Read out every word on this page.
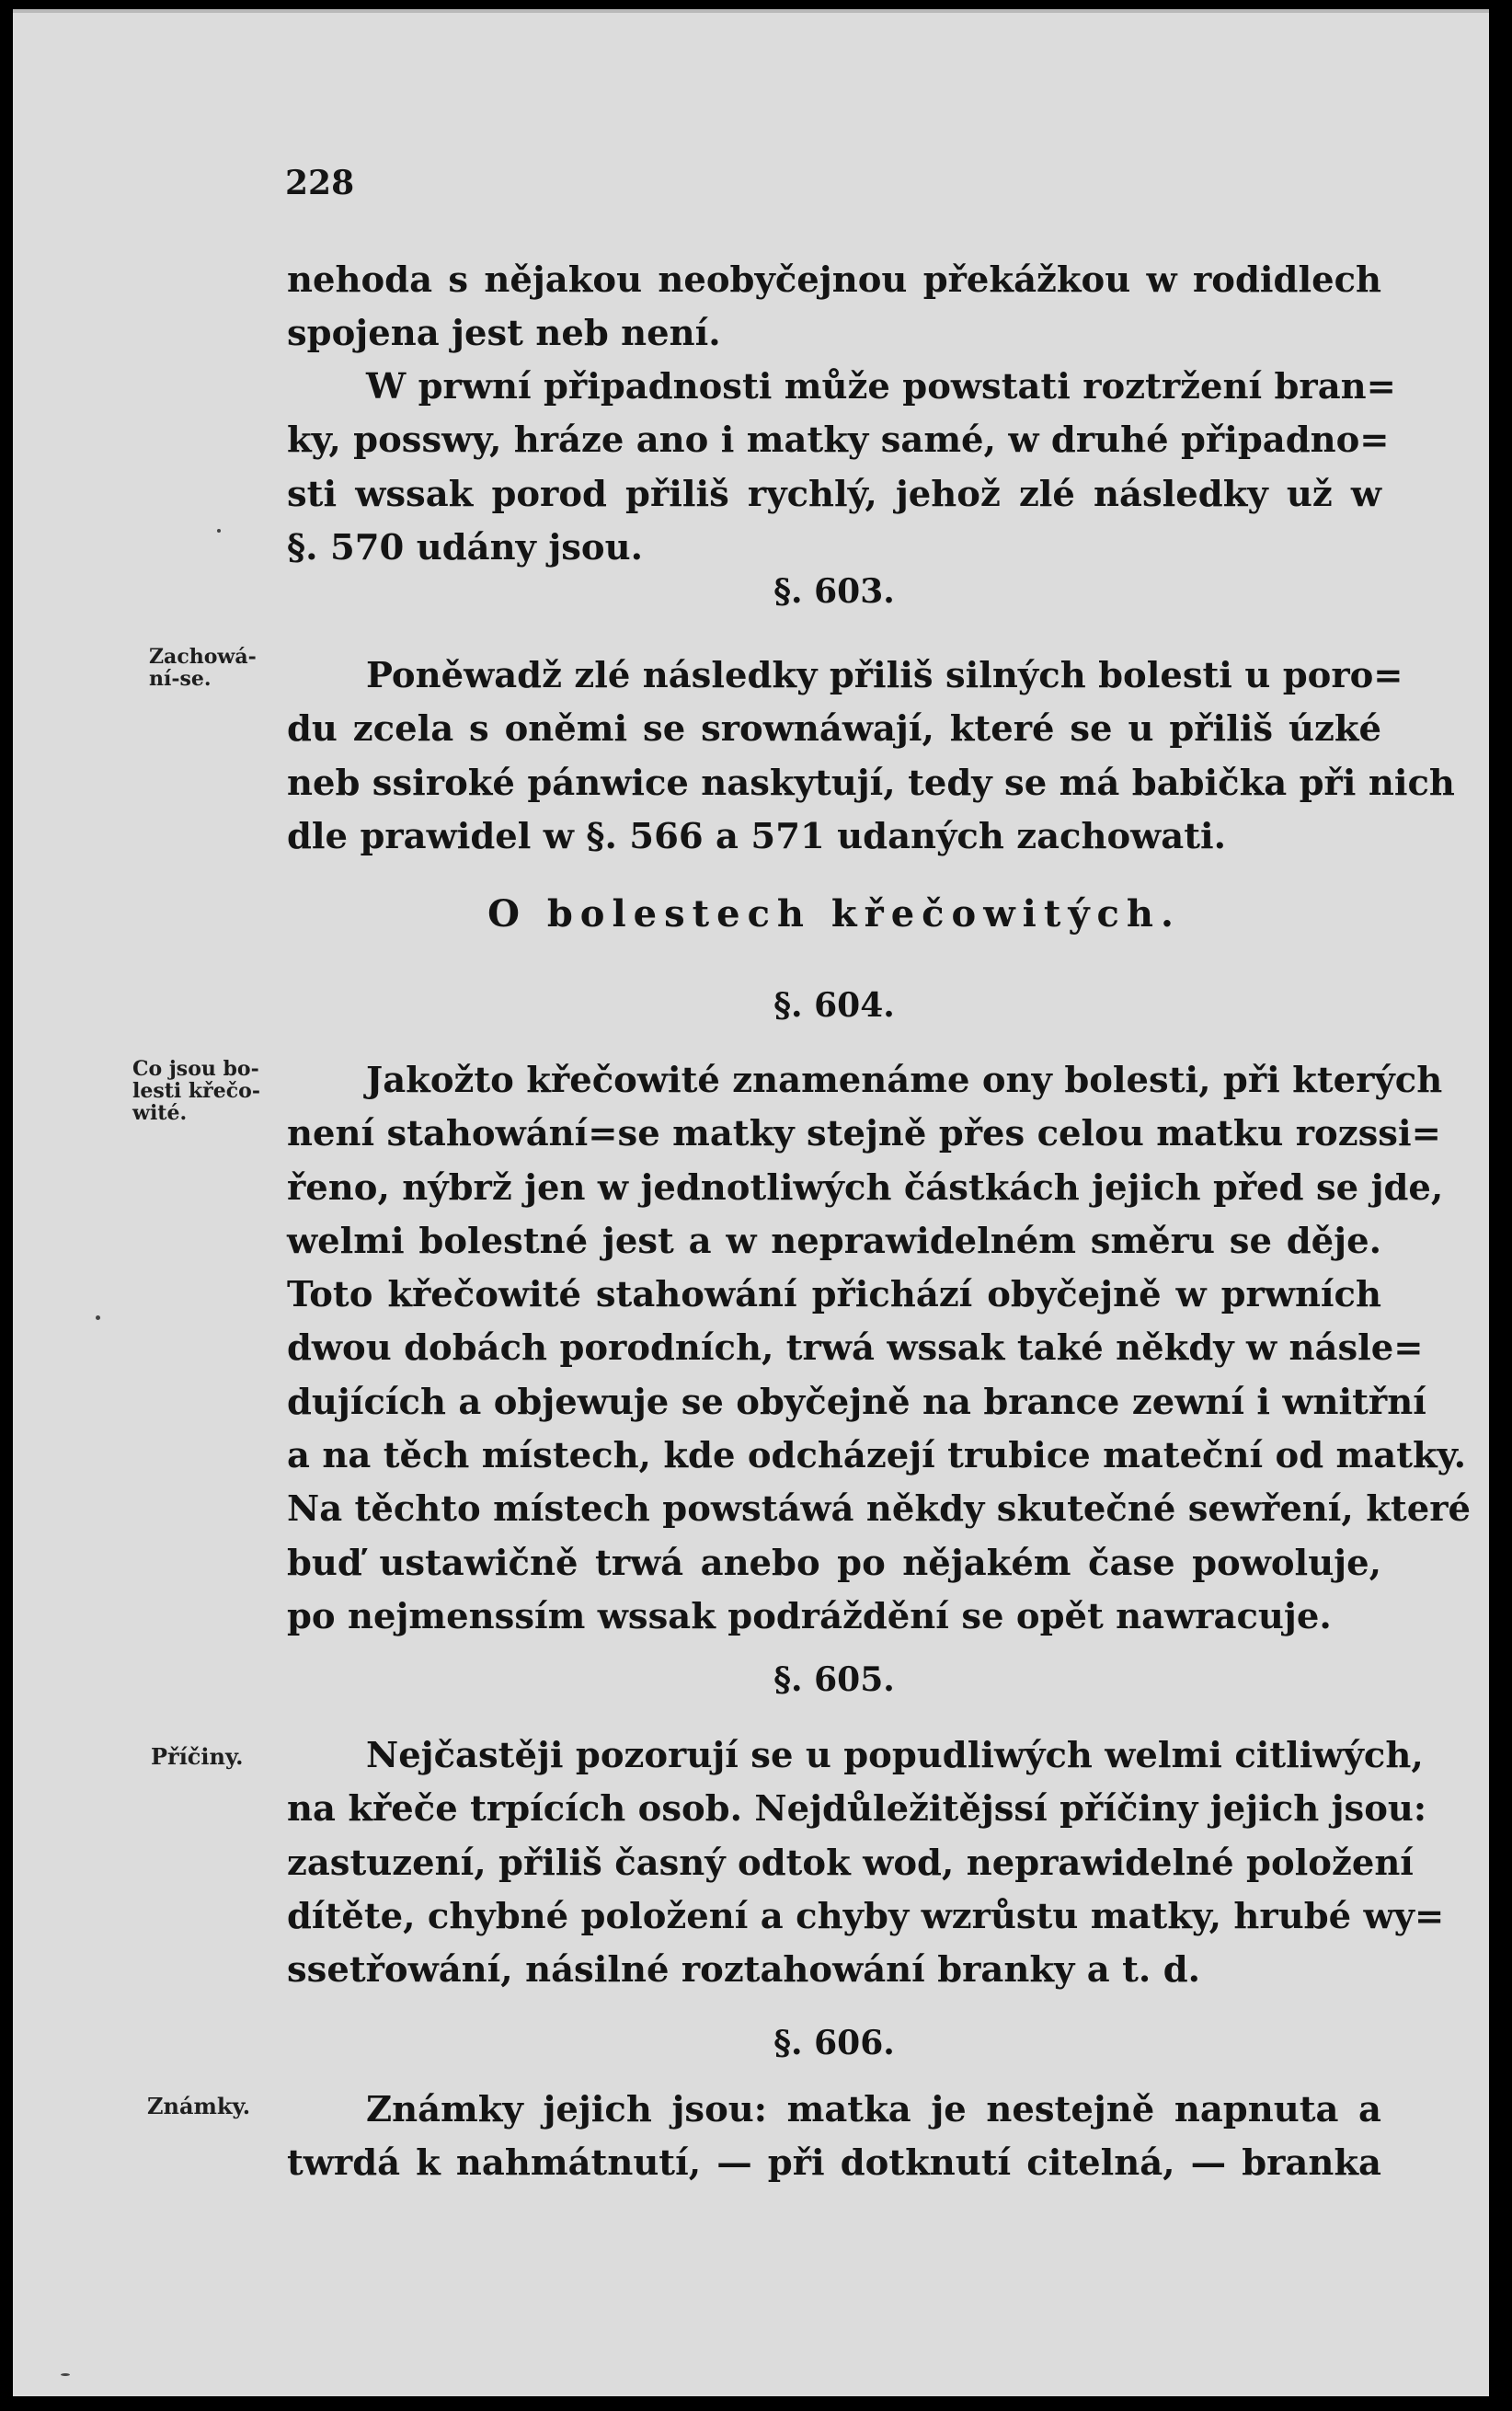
228
nehoda s nějakou neobyčejnou překážkou w rodidlech
spojena jest neb není.
W prwní připadnosti může powstati roztržení bran=
ky, posswy, hráze ano i matky samé, w druhé připadno=
sti wssak porod přiliš rychlý, jehož zlé následky už w
§. 570 udány jsou.
§. 603.
Zachowá-
ní-se.	Poněwadž zlé následky přiliš silných bolesti u poro=
du zcela s oněmi se srownáwají, které se u přiliš úzké
neb ssiroké pánwice naskytují, tedy se má babička při nich
dle prawidel w §. 566 a 571 udaných zachowati.
O bolestech křečowitých.
§. 604.
Co jsou bo-
lesti křečo-
wité.
Jakožto křečowité znamenáme ony bolesti, při kterých
není stahowání=se matky stejně přes celou matku rozssi=
řeno, nýbrž jen w jednotliwých částkách jejich před se jde,
welmi bolestné jest a w neprawidelném směru se děje.
Toto křečowité stahowání přichází obyčejně w prwních
dwou dobách porodních, trwá wssak také někdy w násle=
dujících a objewuje se obyčejně na brance zewní i wnitřní
a na těch místech, kde odcházejí trubice mateční od matky.
Na těchto místech powstáwá někdy skutečné sewření, které
buď ustawičně trwá anebo po nějakém čase powoluje,
po nejmenssím wssak podráždění se opět nawracuje.
§. 605.
Příčiny.	Nejčastěji pozorují se u popudliwých welmi citliwých,
na křeče trpících osob. Nejdůležitějssí příčiny jejich jsou:
zastuzení, přiliš časný odtok wod, neprawidelné položení
dítěte, chybné položení a chyby wzrůstu matky, hrubé wy=
ssetřowání, násilné roztahowání branky a t. d.
§. 606.
Známky.	Známky jejich jsou: matka je nestejně napnuta a
twrdá k nahmátnutí, — při dotknutí citelná, — branka
